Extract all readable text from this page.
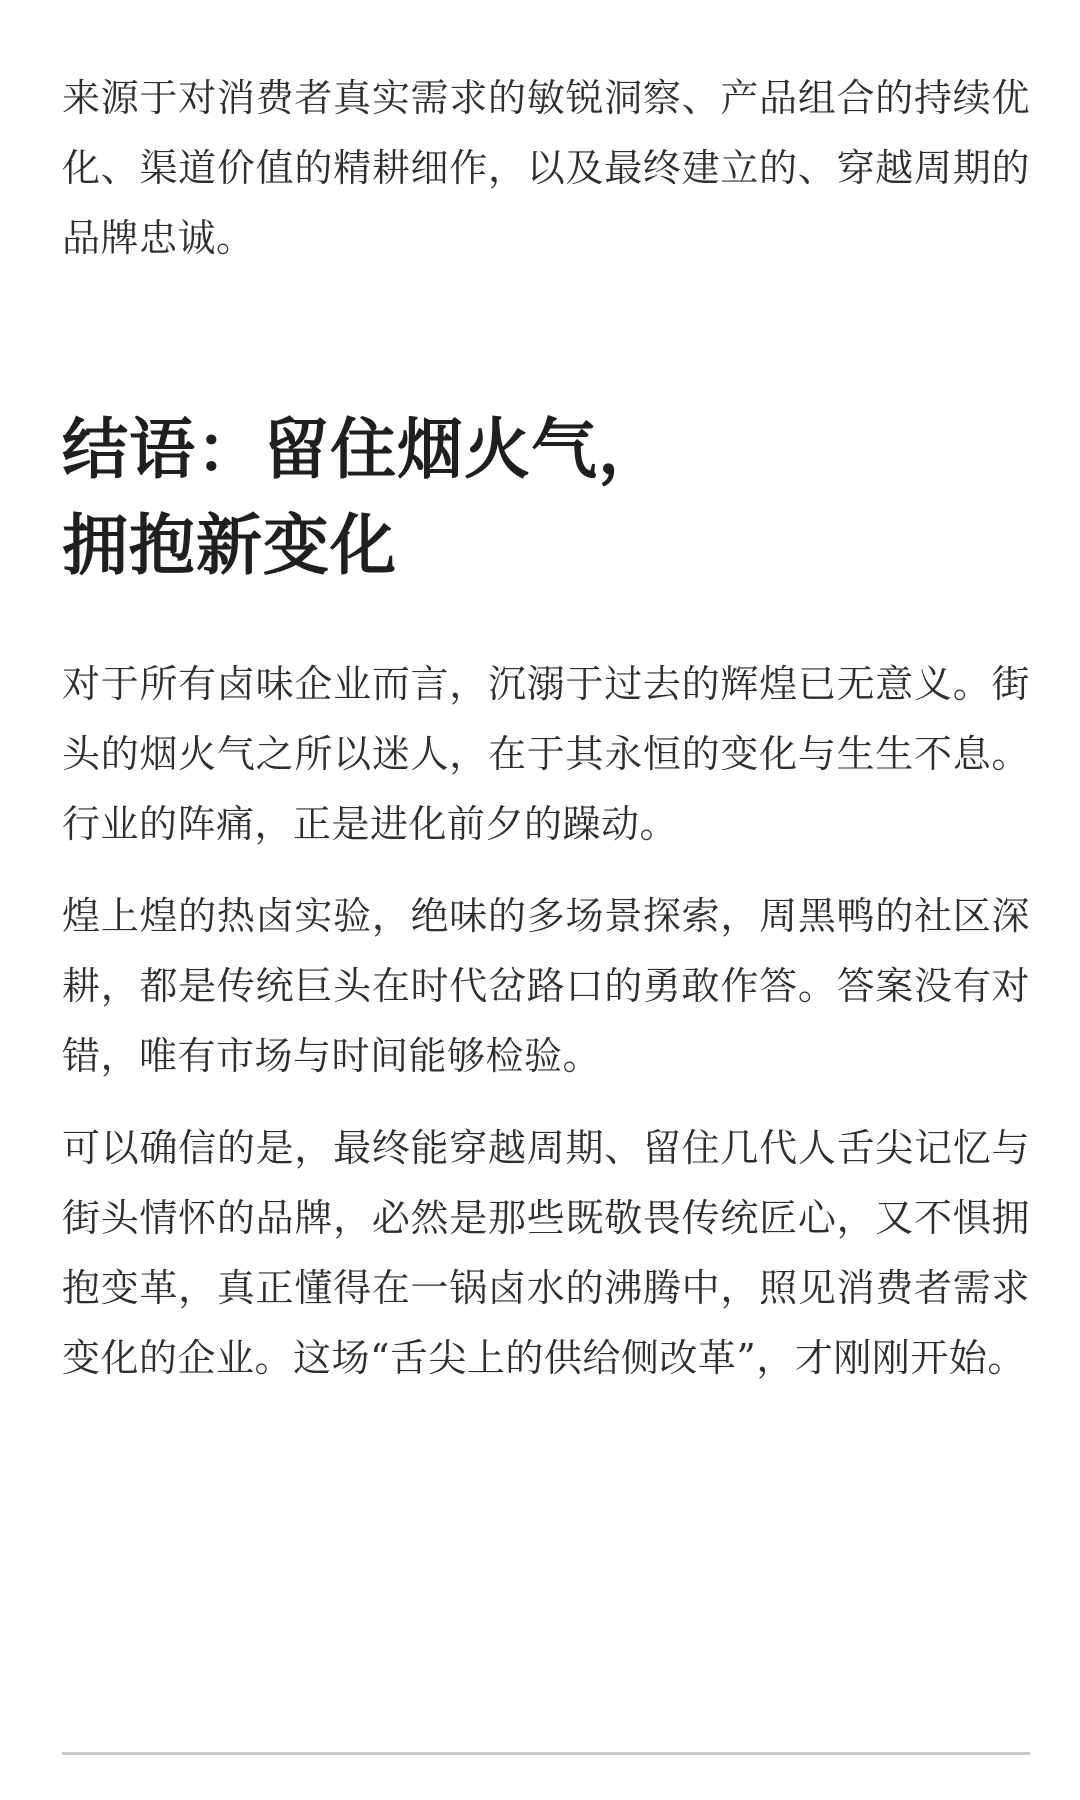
来源于对消费者真实需求的敏锐洞察、产品组合的持续优化、渠道价值的精耕细作，以及最终建立的、穿越周期的品牌忠诚。

结语：留住烟火气，
拥抱新变化

对于所有卤味企业而言，沉溺于过去的辉煌已无意义。街头的烟火气之所以迷人，在于其永恒的变化与生生不息。行业的阵痛，正是进化前夕的躁动。

煌上煌的热卤实验，绝味的多场景探索，周黑鸭的社区深耕，都是传统巨头在时代岔路口的勇敢作答。答案没有对错，唯有市场与时间能够检验。

可以确信的是，最终能穿越周期、留住几代人舌尖记忆与街头情怀的品牌，必然是那些既敬畏传统匠心，又不惧拥抱变革，真正懂得在一锅卤水的沸腾中，照见消费者需求变化的企业。这场“舌尖上的供给侧改革”，才刚刚开始。
